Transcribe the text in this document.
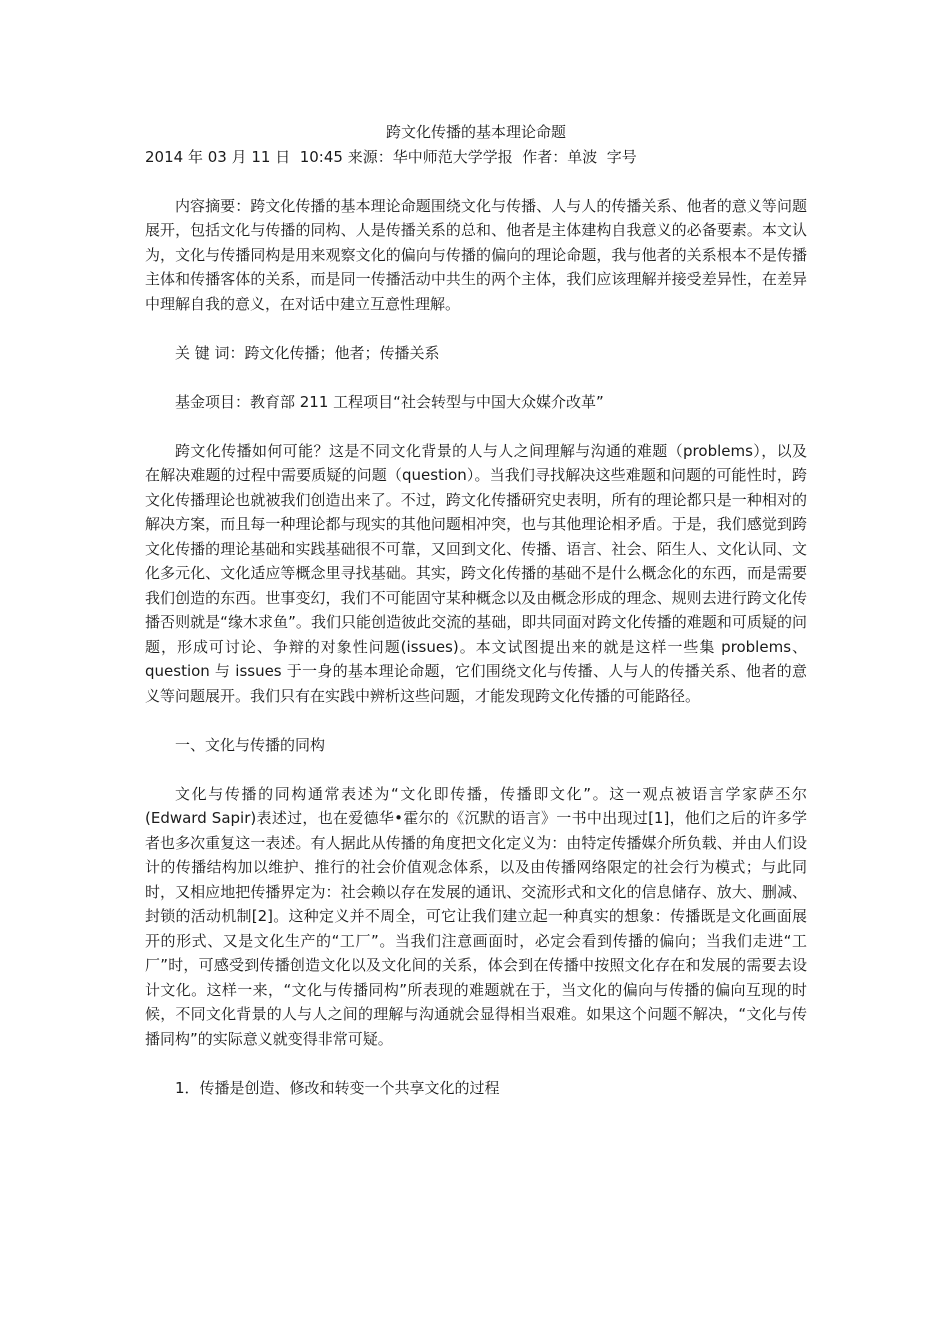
跨文化传播的基本理论命题

2014 年 03 月 11 日  10:45 来源：华中师范大学学报  作者：单波  字号

内容摘要：跨文化传播的基本理论命题围绕文化与传播、人与人的传播关系、他者的意义等问题展开，包括文化与传播的同构、人是传播关系的总和、他者是主体建构自我意义的必备要素。本文认为，文化与传播同构是用来观察文化的偏向与传播的偏向的理论命题，我与他者的关系根本不是传播主体和传播客体的关系，而是同一传播活动中共生的两个主体，我们应该理解并接受差异性，在差异中理解自我的意义，在对话中建立互意性理解。

关 键 词：跨文化传播；他者；传播关系

基金项目：教育部 211 工程项目“社会转型与中国大众媒介改革”

跨文化传播如何可能？这是不同文化背景的人与人之间理解与沟通的难题（problems），以及在解决难题的过程中需要质疑的问题（question）。当我们寻找解决这些难题和问题的可能性时，跨文化传播理论也就被我们创造出来了。不过，跨文化传播研究史表明，所有的理论都只是一种相对的解决方案，而且每一种理论都与现实的其他问题相冲突，也与其他理论相矛盾。于是，我们感觉到跨文化传播的理论基础和实践基础很不可靠，又回到文化、传播、语言、社会、陌生人、文化认同、文化多元化、文化适应等概念里寻找基础。其实，跨文化传播的基础不是什么概念化的东西，而是需要我们创造的东西。世事变幻，我们不可能固守某种概念以及由概念形成的理念、规则去进行跨文化传播否则就是“缘木求鱼”。我们只能创造彼此交流的基础，即共同面对跨文化传播的难题和可质疑的问题，形成可讨论、争辩的对象性问题(issues)。本文试图提出来的就是这样一些集 problems、question 与 issues 于一身的基本理论命题，它们围绕文化与传播、人与人的传播关系、他者的意义等问题展开。我们只有在实践中辨析这些问题，才能发现跨文化传播的可能路径。

一、文化与传播的同构

文化与传播的同构通常表述为“文化即传播，传播即文化”。这一观点被语言学家萨丕尔(Edward Sapir)表述过，也在爱德华•霍尔的《沉默的语言》一书中出现过[1]，他们之后的许多学者也多次重复这一表述。有人据此从传播的角度把文化定义为：由特定传播媒介所负载、并由人们设计的传播结构加以维护、推行的社会价值观念体系，以及由传播网络限定的社会行为模式；与此同时，又相应地把传播界定为：社会赖以存在发展的通讯、交流形式和文化的信息储存、放大、删减、封锁的活动机制[2]。这种定义并不周全，可它让我们建立起一种真实的想象：传播既是文化画面展开的形式、又是文化生产的“工厂”。当我们注意画面时，必定会看到传播的偏向；当我们走进“工厂”时，可感受到传播创造文化以及文化间的关系，体会到在传播中按照文化存在和发展的需要去设计文化。这样一来，“文化与传播同构”所表现的难题就在于，当文化的偏向与传播的偏向互现的时候，不同文化背景的人与人之间的理解与沟通就会显得相当艰难。如果这个问题不解决，“文化与传播同构”的实际意义就变得非常可疑。

1．传播是创造、修改和转变一个共享文化的过程
